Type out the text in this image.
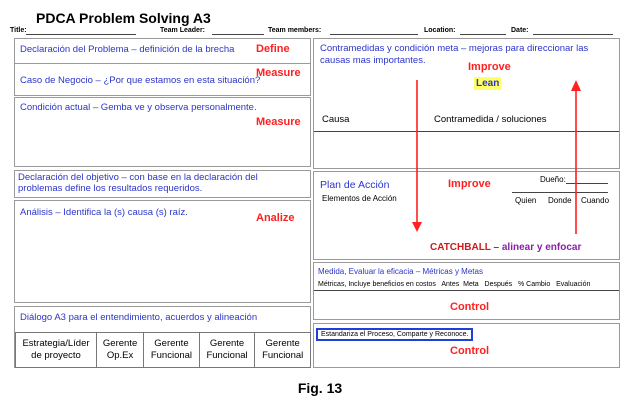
PDCA Problem Solving A3
Title:	Team Leader:	Team members:	Location:	Date:
Declaración del Problema – definición de la brecha Define
Measure
Caso de Negocio – ¿Por que estamos en esta situación?
Condición actual – Gemba ve y observa personalmente.
Measure
Declaración del objetivo – con base en la declaración del problemas define los resultados requeridos.
Análisis – Identifica la (s) causa (s) raíz.	Analize
Diálogo A3 para el entendimiento, acuerdos y alineación
Estrategia/Líder de proyecto	Gerente Op.Ex	Gerente Funcional	Gerente Funcional	Gerente Funcional
Contramedidas y condición meta – mejoras para direccionar las causas mas importantes.
Improve
Lean
Causa	Contramedida / soluciones
Plan de Acción	Improve	Dueño:
Elementos de Acción	Quien Donde Cuando
CATCHBALL – alinear y enfocar
Medida, Evaluar la eficacia – Métricas y Metas
Métricas, Incluye beneficios en costos   Antes  Meta   Después   % Cambio   Evaluación
Control
Estandariza el Proceso, Comparte y Reconoce.
Control
Fig. 13
